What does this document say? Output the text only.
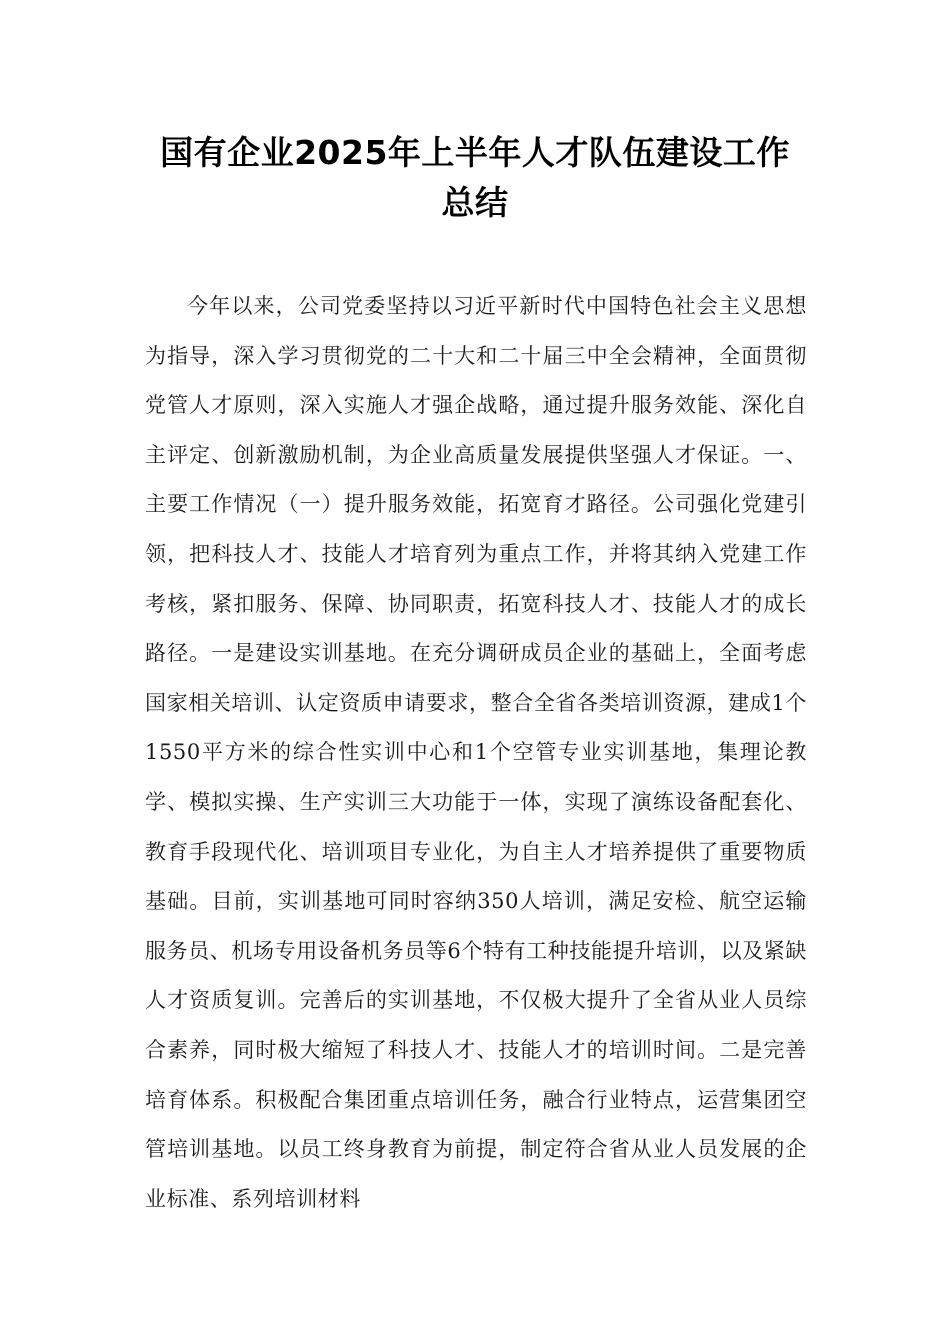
国有企业2025年上半年人才队伍建设工作
总结

今年以来，公司党委坚持以习近平新时代中国特色社会主义思想为指导，深入学习贯彻党的二十大和二十届三中全会精神，全面贯彻党管人才原则，深入实施人才强企战略，通过提升服务效能、深化自主评定、创新激励机制，为企业高质量发展提供坚强人才保证。一、主要工作情况（一）提升服务效能，拓宽育才路径。公司强化党建引领，把科技人才、技能人才培育列为重点工作，并将其纳入党建工作考核，紧扣服务、保障、协同职责，拓宽科技人才、技能人才的成长路径。一是建设实训基地。在充分调研成员企业的基础上，全面考虑国家相关培训、认定资质申请要求，整合全省各类培训资源，建成1个1550平方米的综合性实训中心和1个空管专业实训基地，集理论教学、模拟实操、生产实训三大功能于一体，实现了演练设备配套化、教育手段现代化、培训项目专业化，为自主人才培养提供了重要物质基础。目前，实训基地可同时容纳350人培训，满足安检、航空运输服务员、机场专用设备机务员等6个特有工种技能提升培训，以及紧缺人才资质复训。完善后的实训基地，不仅极大提升了全省从业人员综合素养，同时极大缩短了科技人才、技能人才的培训时间。二是完善培育体系。积极配合集团重点培训任务，融合行业特点，运营集团空管培训基地。以员工终身教育为前提，制定符合省从业人员发展的企业标准、系列培训材料
